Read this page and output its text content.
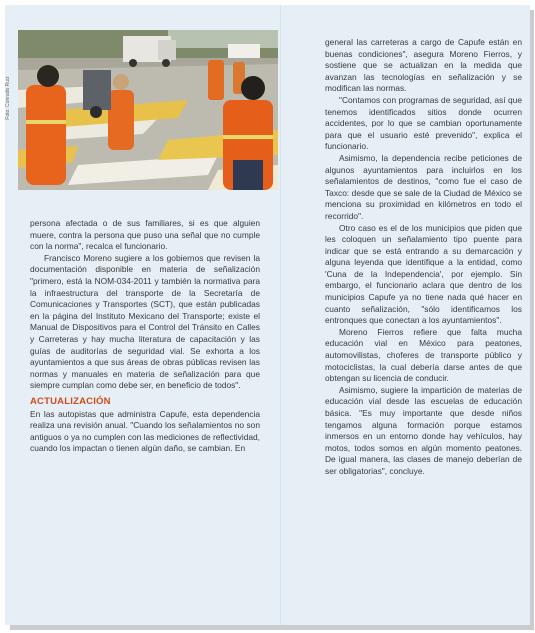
Foto: Conrado Ruiz

persona afectada o de sus familiares, si es que alguien muere, contra la persona que puso una señal que no cumple con la norma", recalca el funcionario.

Francisco Moreno sugiere a los gobiernos que revisen la documentación disponible en materia de señalización "primero, está la NOM-034-2011 y también la normativa para la infraestructura del transporte de la Secretaría de Comunicaciones y Transportes (SCT), que están publicadas en la página del Instituto Mexicano del Transporte; existe el Manual de Dispositivos para el Control del Tránsito en Calles y Carreteras y hay mucha literatura de capacitación y las guías de auditorías de seguridad vial. Se exhorta a los ayuntamientos a que sus áreas de obras públicas revisen las normas y manuales en materia de señalización para que siempre cumplan como debe ser, en beneficio de todos".

ACTUALIZACIÓN

En las autopistas que administra Capufe, esta dependencia realiza una revisión anual. "Cuando los señalamientos no son antiguos o ya no cumplen con las mediciones de reflectividad, cuando los impactan o tienen algún daño, se cambian. En

general las carreteras a cargo de Capufe están en buenas condiciones", asegura Moreno Fierros, y sostiene que se actualizan en la medida que avanzan las tecnologías en señalización y se modifican las normas.

"Contamos con programas de seguridad, así que tenemos identificados sitios donde ocurren accidentes, por lo que se cambian oportunamente para que el usuario esté prevenido", explica el funcionario.

Asimismo, la dependencia recibe peticiones de algunos ayuntamientos para incluirlos en los señalamientos de destinos, "como fue el caso de Taxco: desde que se sale de la Ciudad de México se menciona su proximidad en kilómetros en todo el recorrido".

Otro caso es el de los municipios que piden que les coloquen un señalamiento tipo puente para indicar que se está entrando a su demarcación y alguna leyenda que identifique a la entidad, como 'Cuna de la Independencia', por ejemplo. Sin embargo, el funcionario aclara que dentro de los municipios Capufe ya no tiene nada qué hacer en cuanto señalización, "sólo identificamos los entronques que conectan a los ayuntamientos".

Moreno Fierros refiere que falta mucha educación vial en México para peatones, automovilistas, choferes de transporte público y motociclistas, la cual debería darse antes de que obtengan su licencia de conducir.

Asimismo, sugiere la impartición de materias de educación vial desde las escuelas de educación básica. "Es muy importante que desde niños tengamos alguna formación porque estamos inmersos en un entorno donde hay vehículos, hay motos, todos somos en algún momento peatones. De igual manera, las clases de manejo deberían de ser obligatorias", concluye.
